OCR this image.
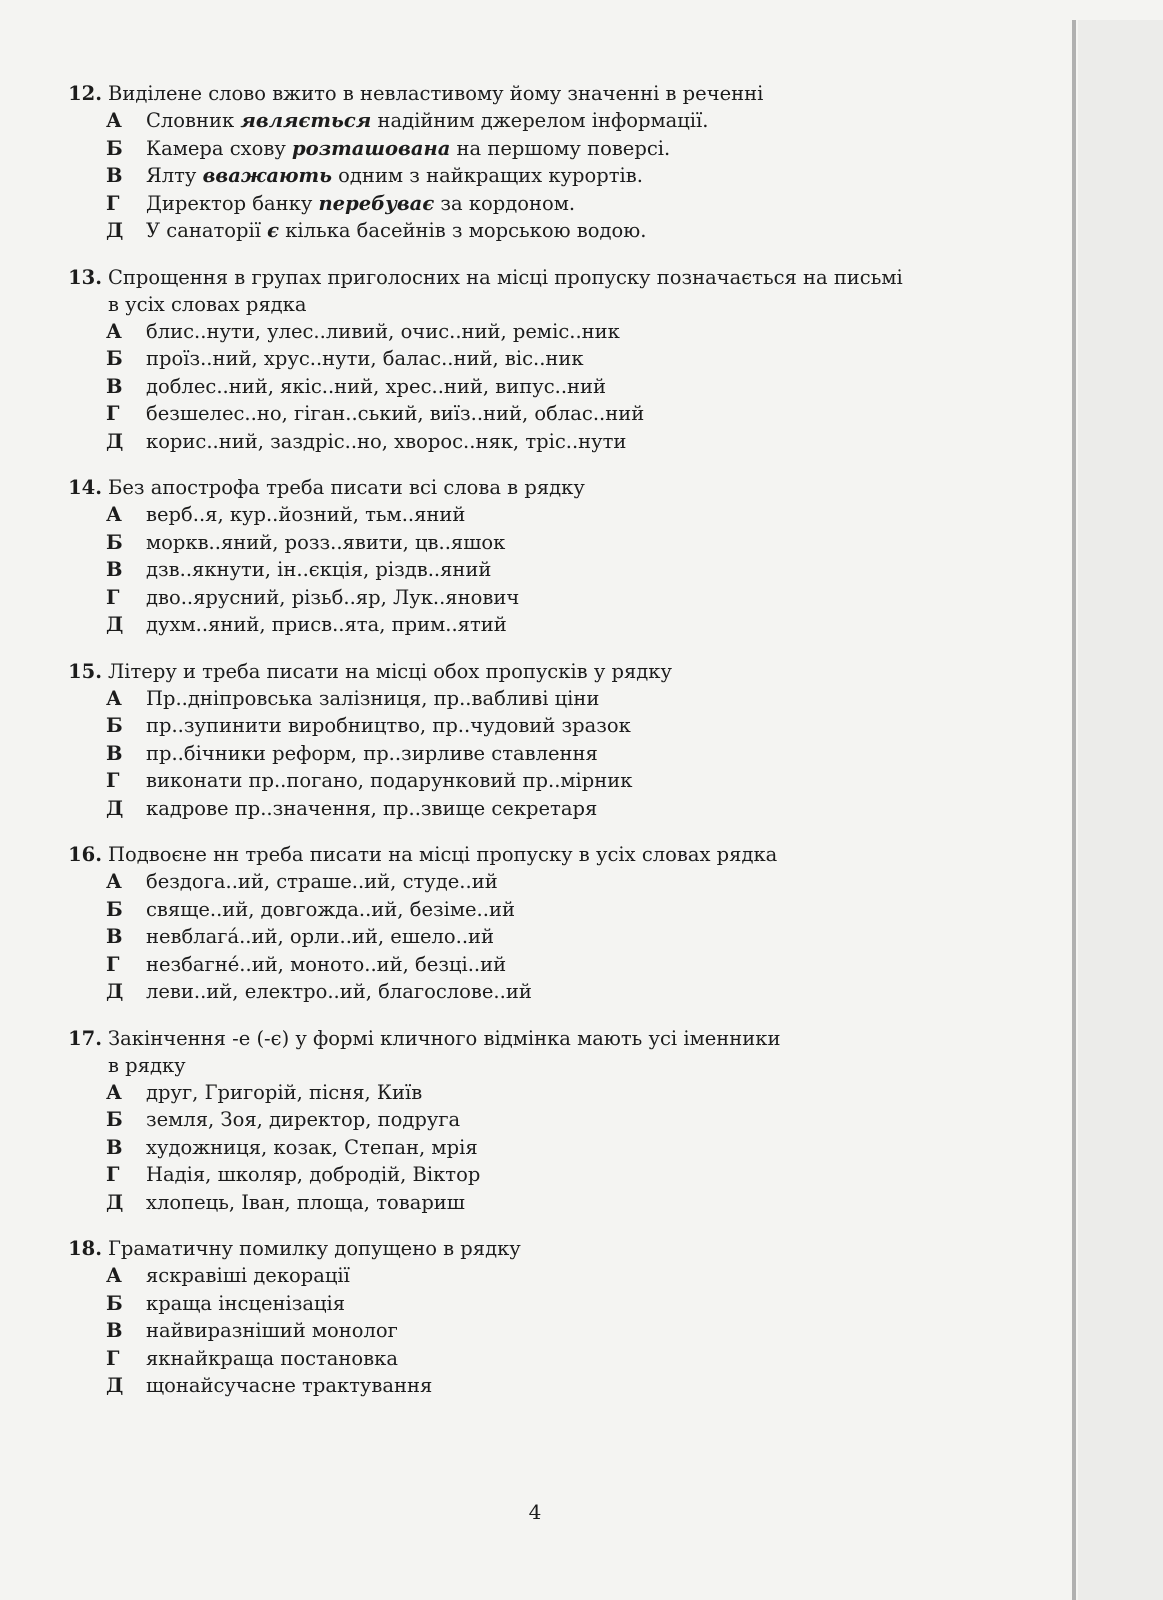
12. Виділене слово вжито в невластивому йому значенні в реченні
А	Словник являється надійним джерелом інформації.
Б	Камера схову розташована на першому поверсі.
В	Ялту вважають одним з найкращих курортів.
Г	Директор банку перебуває за кордоном.
Д	У санаторії є кілька басейнів з морською водою.
13. Спрощення в групах приголосних на місці пропуску позначається на письмі
в усіх словах рядка
А	блис..нути, улес..ливий, очис..ний, реміс..ник
Б	проїз..ний, хрус..нути, балас..ний, віс..ник
В	доблес..ний, якіс..ний, хрес..ний, випус..ний
Г	безшелес..но, гіган..ський, виїз..ний, облас..ний
Д	корис..ний, заздріс..но, хворос..няк, тріс..нути
14. Без апострофа треба писати всі слова в рядку
А	верб..я, кур..йозний, тьм..яний
Б	моркв..яний, розз..явити, цв..яшок
В	дзв..якнути, ін..єкція, різдв..яний
Г	дво..ярусний, різьб..яр, Лук..янович
Д	духм..яний, присв..ята, прим..ятий
15. Літеру и треба писати на місці обох пропусків у рядку
А	Пр..дніпровська залізниця, пр..вабливі ціни
Б	пр..зупинити виробництво, пр..чудовий зразок
В	пр..бічники реформ, пр..зирливе ставлення
Г	виконати пр..погано, подарунковий пр..мірник
Д	кадрове пр..значення, пр..звище секретаря
16. Подвоєне нн треба писати на місці пропуску в усіх словах рядка
А	бездога..ий, страше..ий, студе..ий
Б	свяще..ий, довгожда..ий, безіме..ий
В	невблага́..ий, орли..ий, ешело..ий
Г	незбагне́..ий, моното..ий, безці..ий
Д	леви..ий, електро..ий, благослове..ий
17. Закінчення -е (-є) у формі кличного відмінка мають усі іменники
в рядку
А	друг, Григорій, пісня, Київ
Б	земля, Зоя, директор, подруга
В	художниця, козак, Степан, мрія
Г	Надія, школяр, добродій, Віктор
Д	хлопець, Іван, площа, товариш
18. Граматичну помилку допущено в рядку
А	яскравіші декорації
Б	краща інсценізація
В	найвиразніший монолог
Г	якнайкраща постановка
Д	щонайсучасне трактування
4
